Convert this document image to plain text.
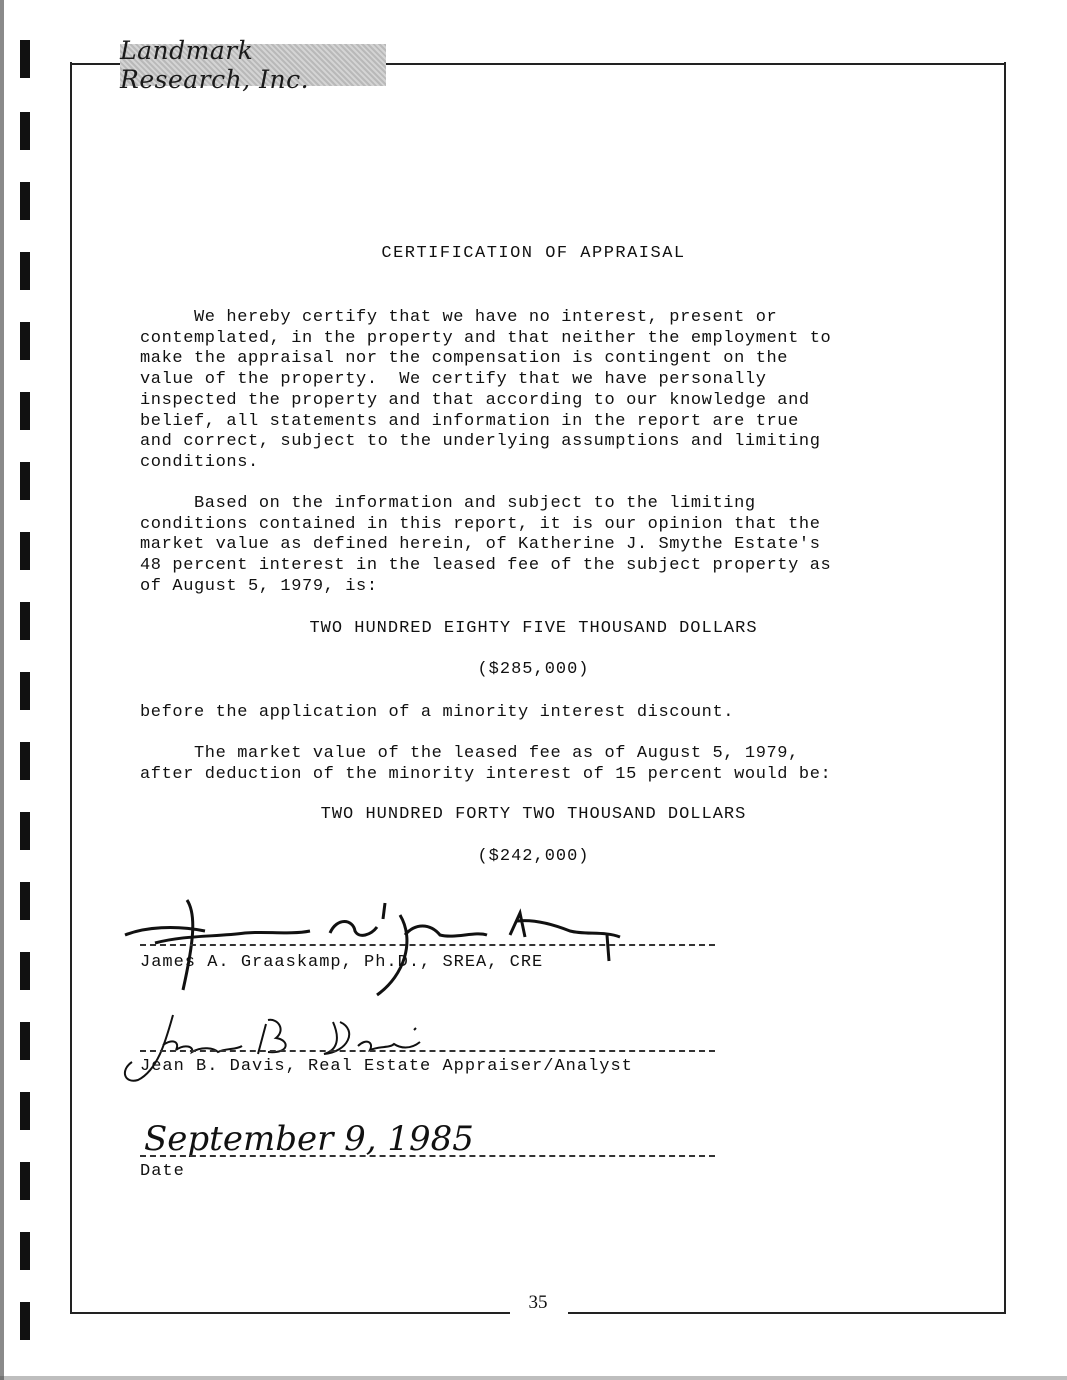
Landmark Research, Inc.
CERTIFICATION OF APPRAISAL

We hereby certify that we have no interest, present or
contemplated, in the property and that neither the employment to
make the appraisal nor the compensation is contingent on the
value of the property.  We certify that we have personally
inspected the property and that according to our knowledge and
belief, all statements and information in the report are true
and correct, subject to the underlying assumptions and limiting
conditions.

Based on the information and subject to the limiting
conditions contained in this report, it is our opinion that the
market value as defined herein, of Katherine J. Smythe Estate's
48 percent interest in the leased fee of the subject property as
of August 5, 1979, is:

TWO HUNDRED EIGHTY FIVE THOUSAND DOLLARS
($285,000)

before the application of a minority interest discount.

The market value of the leased fee as of August 5, 1979,
after deduction of the minority interest of 15 percent would be:

TWO HUNDRED FORTY TWO THOUSAND DOLLARS
($242,000)
James A. Graaskamp, Ph.D., SREA, CRE
Jean B. Davis, Real Estate Appraiser/Analyst
September 9, 1985
Date
35
